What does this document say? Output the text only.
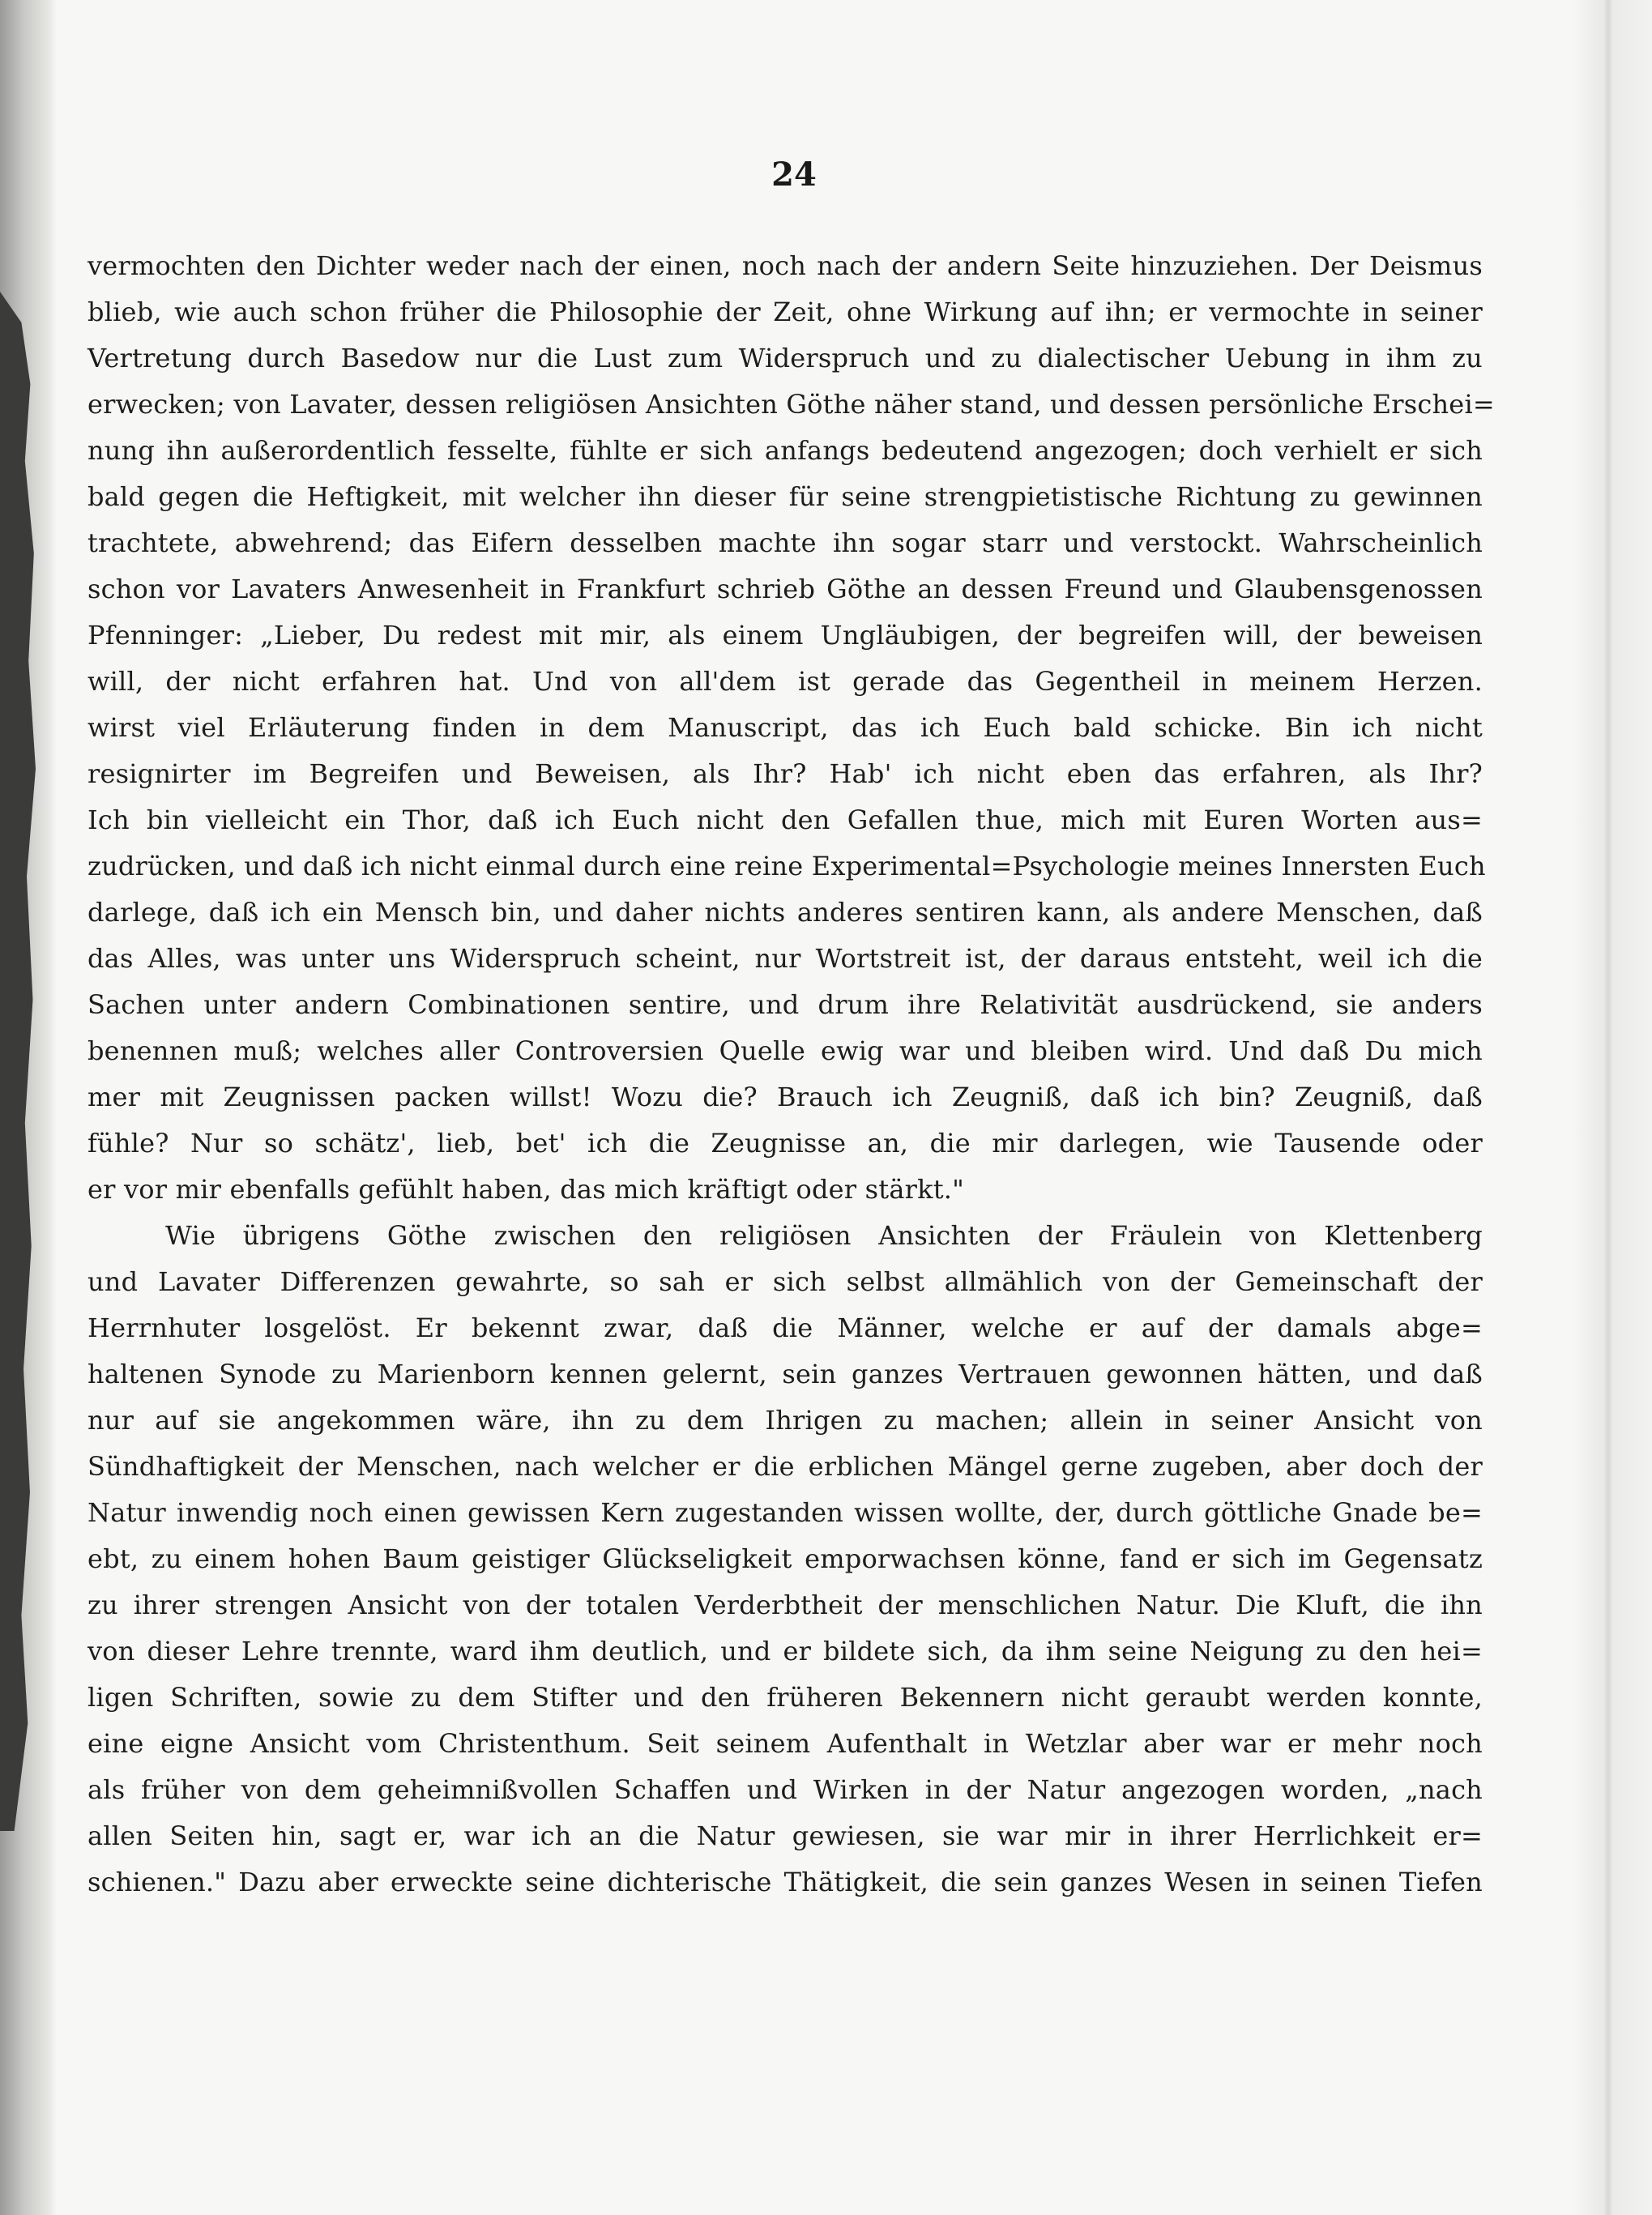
24
vermochten den Dichter weder nach der einen, noch nach der andern Seite hinzuziehen. Der Deismus
blieb, wie auch schon früher die Philosophie der Zeit, ohne Wirkung auf ihn; er vermochte in seiner
Vertretung durch Basedow nur die Lust zum Widerspruch und zu dialectischer Uebung in ihm zu
erwecken; von Lavater, dessen religiösen Ansichten Göthe näher stand, und dessen persönliche Erschei=
nung ihn außerordentlich fesselte, fühlte er sich anfangs bedeutend angezogen; doch verhielt er sich
bald gegen die Heftigkeit, mit welcher ihn dieser für seine strengpietistische Richtung zu gewinnen
trachtete, abwehrend; das Eifern desselben machte ihn sogar starr und verstockt. Wahrscheinlich
schon vor Lavaters Anwesenheit in Frankfurt schrieb Göthe an dessen Freund und Glaubensgenossen
Pfenninger: „Lieber, Du redest mit mir, als einem Ungläubigen, der begreifen will, der beweisen
will, der nicht erfahren hat. Und von all'dem ist gerade das Gegentheil in meinem Herzen.
wirst viel Erläuterung finden in dem Manuscript, das ich Euch bald schicke. Bin ich nicht
resignirter im Begreifen und Beweisen, als Ihr? Hab' ich nicht eben das erfahren, als Ihr?
Ich bin vielleicht ein Thor, daß ich Euch nicht den Gefallen thue, mich mit Euren Worten aus=
zudrücken, und daß ich nicht einmal durch eine reine Experimental=Psychologie meines Innersten Euch
darlege, daß ich ein Mensch bin, und daher nichts anderes sentiren kann, als andere Menschen, daß
das Alles, was unter uns Widerspruch scheint, nur Wortstreit ist, der daraus entsteht, weil ich die
Sachen unter andern Combinationen sentire, und drum ihre Relativität ausdrückend, sie anders
benennen muß; welches aller Controversien Quelle ewig war und bleiben wird. Und daß Du mich
mer mit Zeugnissen packen willst! Wozu die? Brauch ich Zeugniß, daß ich bin? Zeugniß, daß
fühle? Nur so schätz', lieb, bet' ich die Zeugnisse an, die mir darlegen, wie Tausende oder
er vor mir ebenfalls gefühlt haben, das mich kräftigt oder stärkt."
Wie übrigens Göthe zwischen den religiösen Ansichten der Fräulein von Klettenberg
und Lavater Differenzen gewahrte, so sah er sich selbst allmählich von der Gemeinschaft der
Herrnhuter losgelöst. Er bekennt zwar, daß die Männer, welche er auf der damals abge=
haltenen Synode zu Marienborn kennen gelernt, sein ganzes Vertrauen gewonnen hätten, und daß
nur auf sie angekommen wäre, ihn zu dem Ihrigen zu machen; allein in seiner Ansicht von
Sündhaftigkeit der Menschen, nach welcher er die erblichen Mängel gerne zugeben, aber doch der
Natur inwendig noch einen gewissen Kern zugestanden wissen wollte, der, durch göttliche Gnade be=
ebt, zu einem hohen Baum geistiger Glückseligkeit emporwachsen könne, fand er sich im Gegensatz
zu ihrer strengen Ansicht von der totalen Verderbtheit der menschlichen Natur. Die Kluft, die ihn
von dieser Lehre trennte, ward ihm deutlich, und er bildete sich, da ihm seine Neigung zu den hei=
ligen Schriften, sowie zu dem Stifter und den früheren Bekennern nicht geraubt werden konnte,
eine eigne Ansicht vom Christenthum. Seit seinem Aufenthalt in Wetzlar aber war er mehr noch
als früher von dem geheimnißvollen Schaffen und Wirken in der Natur angezogen worden, „nach
allen Seiten hin, sagt er, war ich an die Natur gewiesen, sie war mir in ihrer Herrlichkeit er=
schienen." Dazu aber erweckte seine dichterische Thätigkeit, die sein ganzes Wesen in seinen Tiefen
